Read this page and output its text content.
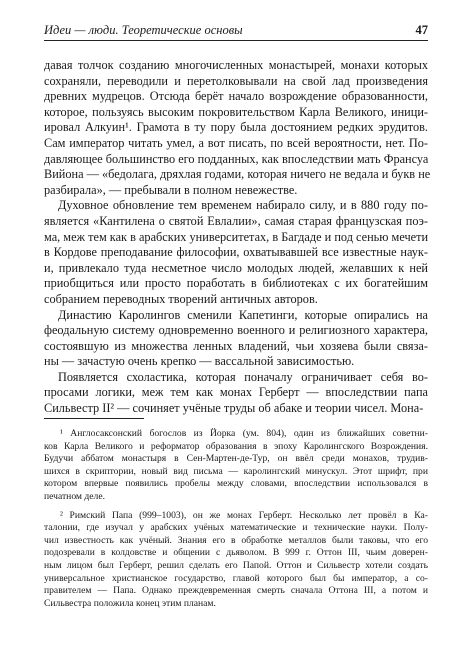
Идеи — люди. Теоретические основы	47
давая толчок созданию многочисленных монастырей, монахи которых
сохраняли, переводили и перетолковывали на свой лад произведения
древних мудрецов. Отсюда берёт начало возрождение образованности,
которое, пользуясь высоким покровительством Карла Великого, иници-
ировал Алкуин¹. Грамота в ту пору была достоянием редких эрудитов.
Сам император читать умел, а вот писать, по всей вероятности, нет. По-
давляющее большинство его подданных, как впоследствии мать Франсуа
Вийона — «бедолага, дряхлая годами, которая ничего не ведала и букв не
разбирала», — пребывали в полном невежестве.
Духовное обновление тем временем набирало силу, и в 880 году по-
является «Кантилена о святой Евлалии», самая старая французская поэ-
ма, меж тем как в арабских университетах, в Багдаде и под сенью мечети
в Кордове преподавание философии, охватывавшей все известные наук-
и, привлекало туда несметное число молодых людей, желавших к ней
приобщиться или просто поработать в библиотеках с их богатейшим
собранием переводных творений античных авторов.
Династию Каролингов сменили Капетинги, которые опирались на
феодальную систему одновременно военного и религиозного характера,
состоявшую из множества ленных владений, чьи хозяева были связа-
ны — зачастую очень крепко — вассальной зависимостью.
Появляется схоластика, которая поначалу ограничивает себя во-
просами логики, меж тем как монах Герберт — впоследствии папа
Сильвестр II² — сочиняет учёные труды об абаке и теории чисел. Мона-
¹ Англосаксонский богослов из Йорка (ум. 804), один из ближайших советни-
ков Карла Великого и реформатор образования в эпоху Каролингского Возрождения.
Будучи аббатом монастыря в Сен-Мартен-де-Тур, он ввёл среди монахов, трудив-
шихся в скриптории, новый вид письма — каролингский минускул. Этот шрифт, при
котором впервые появились пробелы между словами, впоследствии использовался в
печатном деле.
² Римский Папа (999–1003), он же монах Герберт. Несколько лет провёл в Ка-
талонии, где изучал у арабских учёных математические и технические науки. Полу-
чил известность как учёный. Знания его в обработке металлов были таковы, что его
подозревали в колдовстве и общении с дьяволом. В 999 г. Оттон III, чьим доверен-
ным лицом был Герберт, решил сделать его Папой. Оттон и Сильвестр хотели создать
универсальное христианское государство, главой которого был бы император, а со-
правителем — Папа. Однако преждевременная смерть сначала Оттона III, а потом и
Сильвестра положила конец этим планам.
